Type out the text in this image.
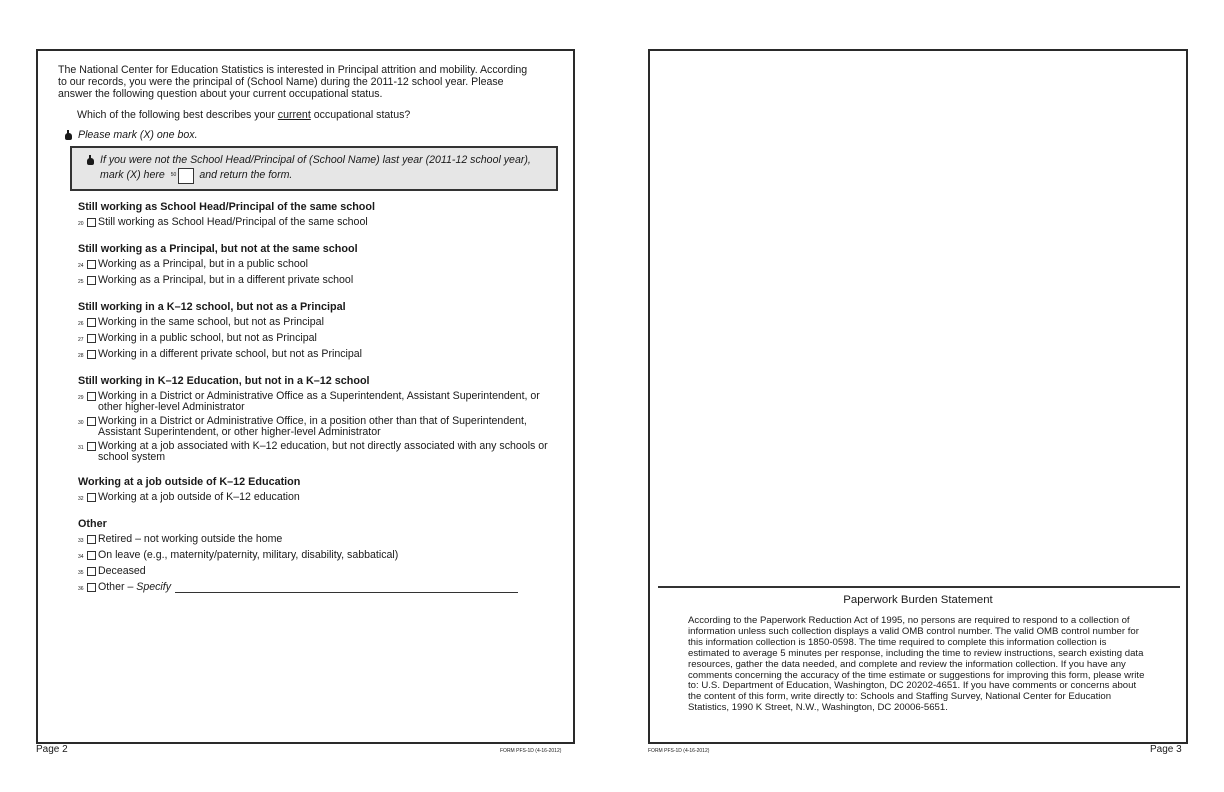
The National Center for Education Statistics is interested in Principal attrition and mobility. According to our records, you were the principal of (School Name) during the 2011-12 school year. Please answer the following question about your current occupational status.
Which of the following best describes your current occupational status?
Please mark (X) one box.
If you were not the School Head/Principal of (School Name) last year (2011-12 school year),
mark (X) here 50 and return the form.
Still working as School Head/Principal of the same school
20	Still working as School Head/Principal of the same school
Still working as a Principal, but not at the same school
24	Working as a Principal, but in a public school
25	Working as a Principal, but in a different private school
Still working in a K–12 school, but not as a Principal
26	Working in the same school, but not as Principal
27	Working in a public school, but not as Principal
28	Working in a different private school, but not as Principal
Still working in K–12 Education, but not in a K–12 school
29	Working in a District or Administrative Office as a Superintendent, Assistant Superintendent, or other higher-level Administrator
30	Working in a District or Administrative Office, in a position other than that of Superintendent, Assistant Superintendent, or other higher-level Administrator
31	Working at a job associated with K–12 education, but not directly associated with any schools or school system
Working at a job outside of K–12 Education
32	Working at a job outside of K–12 education
Other
33	Retired – not working outside the home
34	On leave (e.g., maternity/paternity, military, disability, sabbatical)
35	Deceased
36	Other – Specify
Paperwork Burden Statement
According to the Paperwork Reduction Act of 1995, no persons are required to respond to a collection of information unless such collection displays a valid OMB control number. The valid OMB control number for this information collection is 1850-0598. The time required to complete this information collection is estimated to average 5 minutes per response, including the time to review instructions, search existing data resources, gather the data needed, and complete and review the information collection. If you have any comments concerning the accuracy of the time estimate or suggestions for improving this form, please write to: U.S. Department of Education, Washington, DC 20202-4651. If you have comments or concerns about the content of this form, write directly to: Schools and Staffing Survey, National Center for Education Statistics, 1990 K Street, N.W., Washington, DC 20006-5651.
Page 2	FORM PFS-1D (4-16-2012)	FORM PFS-1D (4-16-2012)	Page 3
